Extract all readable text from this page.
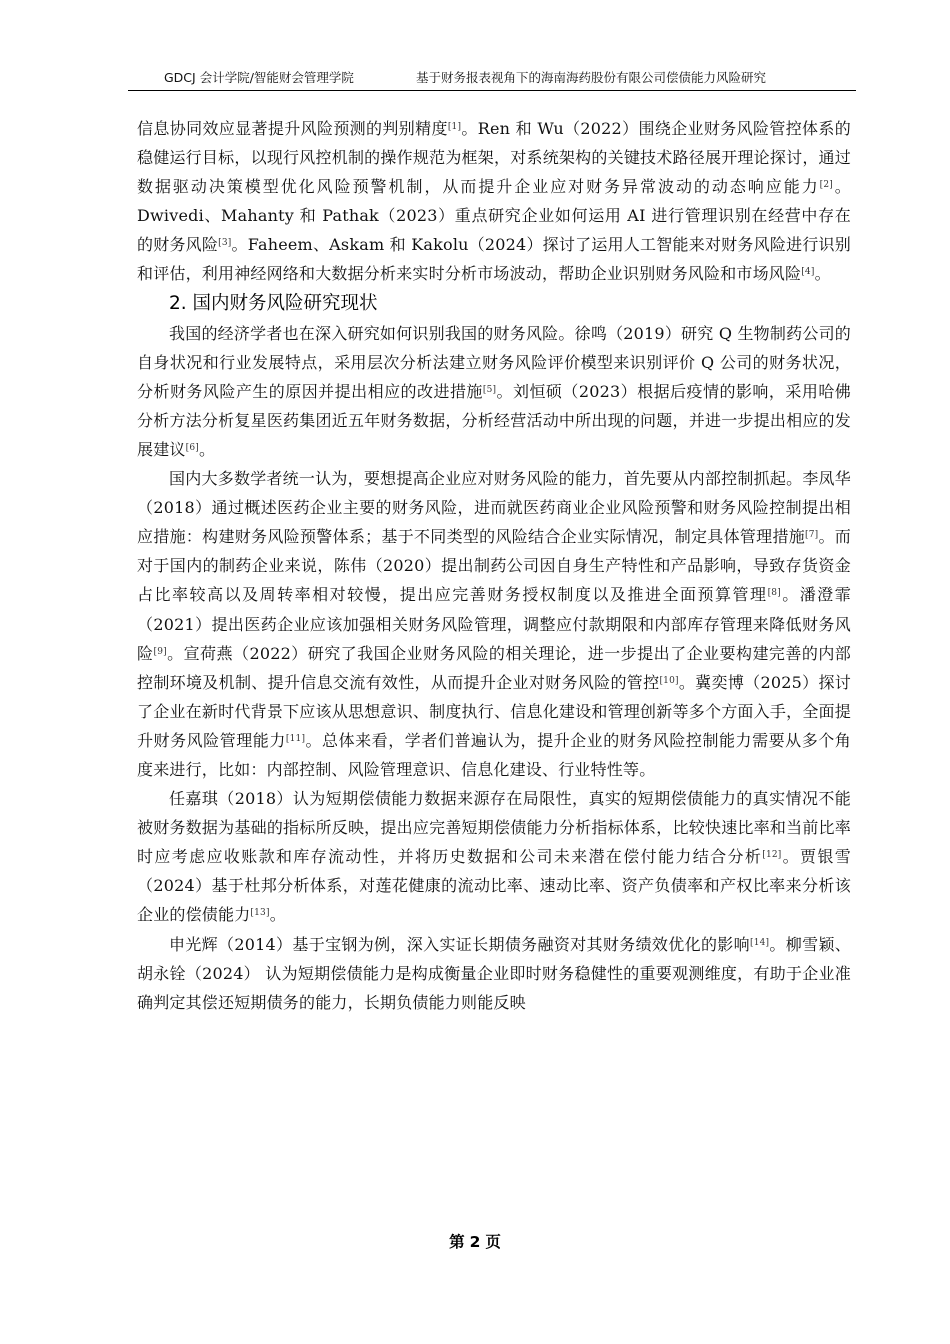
GDCJ 会计学院/智能财会管理学院	基于财务报表视角下的海南海药股份有限公司偿债能力风险研究

信息协同效应显著提升风险预测的判别精度[1]。Ren 和 Wu（2022）围绕企业财务风险管控体系的稳健运行目标，以现行风控机制的操作规范为框架，对系统架构的关键技术路径展开理论探讨，通过数据驱动决策模型优化风险预警机制，从而提升企业应对财务异常波动的动态响应能力[2]。Dwivedi、Mahanty 和 Pathak（2023）重点研究企业如何运用 AI 进行管理识别在经营中存在的财务风险[3]。Faheem、Askam 和 Kakolu（2024）探讨了运用人工智能来对财务风险进行识别和评估，利用神经网络和大数据分析来实时分析市场波动，帮助企业识别财务风险和市场风险[4]。

2. 国内财务风险研究现状

我国的经济学者也在深入研究如何识别我国的财务风险。徐鸣（2019）研究 Q 生物制药公司的自身状况和行业发展特点，采用层次分析法建立财务风险评价模型来识别评价 Q 公司的财务状况，分析财务风险产生的原因并提出相应的改进措施[5]。刘恒硕（2023）根据后疫情的影响，采用哈佛分析方法分析复星医药集团近五年财务数据，分析经营活动中所出现的问题，并进一步提出相应的发展建议[6]。

国内大多数学者统一认为，要想提高企业应对财务风险的能力，首先要从内部控制抓起。李凤华（2018）通过概述医药企业主要的财务风险，进而就医药商业企业风险预警和财务风险控制提出相应措施：构建财务风险预警体系；基于不同类型的风险结合企业实际情况，制定具体管理措施[7]。而对于国内的制药企业来说，陈伟（2020）提出制药公司因自身生产特性和产品影响，导致存货资金占比率较高以及周转率相对较慢，提出应完善财务授权制度以及推进全面预算管理[8]。潘澄霏（2021）提出医药企业应该加强相关财务风险管理，调整应付款期限和内部库存管理来降低财务风险[9]。宣荷燕（2022）研究了我国企业财务风险的相关理论，进一步提出了企业要构建完善的内部控制环境及机制、提升信息交流有效性，从而提升企业对财务风险的管控[10]。冀奕博（2025）探讨了企业在新时代背景下应该从思想意识、制度执行、信息化建设和管理创新等多个方面入手，全面提升财务风险管理能力[11]。总体来看，学者们普遍认为，提升企业的财务风险控制能力需要从多个角度来进行，比如：内部控制、风险管理意识、信息化建设、行业特性等。

任嘉琪（2018）认为短期偿债能力数据来源存在局限性，真实的短期偿债能力的真实情况不能被财务数据为基础的指标所反映，提出应完善短期偿债能力分析指标体系，比较快速比率和当前比率时应考虑应收账款和库存流动性，并将历史数据和公司未来潜在偿付能力结合分析[12]。贾银雪（2024）基于杜邦分析体系，对莲花健康的流动比率、速动比率、资产负债率和产权比率来分析该企业的偿债能力[13]。

申光辉（2014）基于宝钢为例，深入实证长期债务融资对其财务绩效优化的影响[14]。柳雪颖、胡永铨（2024） 认为短期偿债能力是构成衡量企业即时财务稳健性的重要观测维度，有助于企业准确判定其偿还短期债务的能力，长期负债能力则能反映

第 2 页
